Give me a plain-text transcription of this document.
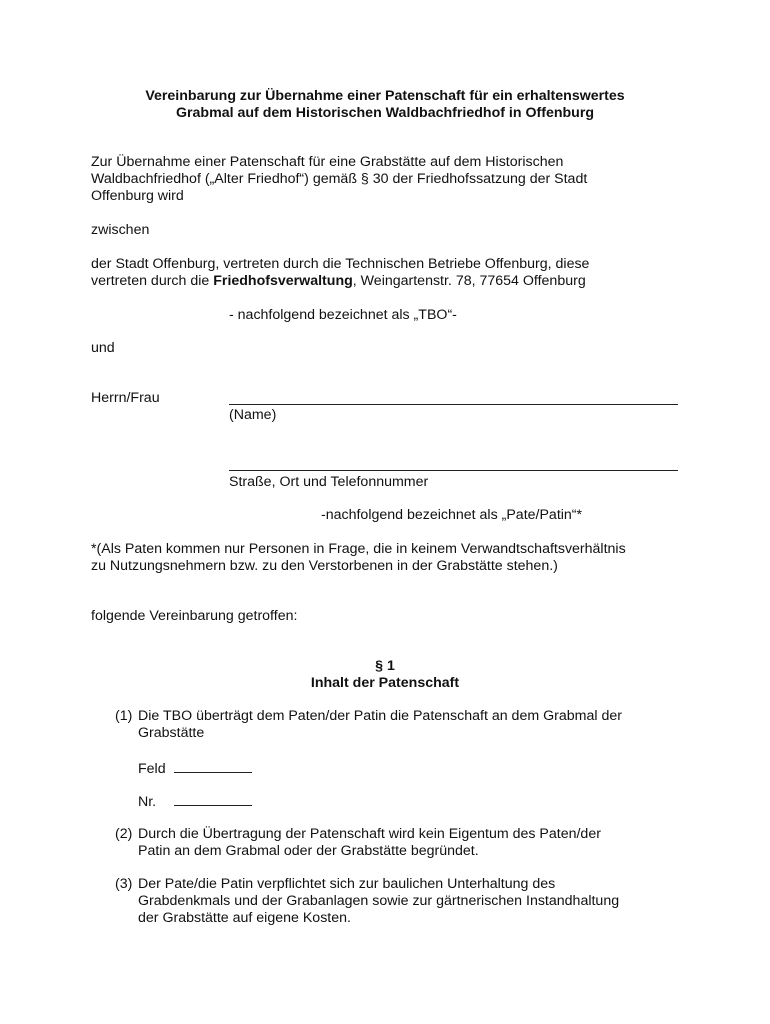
Vereinbarung zur Übernahme einer Patenschaft für ein erhaltenswertes
Grabmal auf dem Historischen Waldbachfriedhof in Offenburg
Zur Übernahme einer Patenschaft für eine Grabstätte auf dem Historischen
Waldbachfriedhof („Alter Friedhof“) gemäß § 30 der Friedhofssatzung der Stadt
Offenburg wird
zwischen
der Stadt Offenburg, vertreten durch die Technischen Betriebe Offenburg, diese
vertreten durch die Friedhofsverwaltung, Weingartenstr. 78, 77654 Offenburg
- nachfolgend bezeichnet als „TBO“-
und
Herrn/Frau
(Name)
Straße, Ort und Telefonnummer
-nachfolgend bezeichnet als „Pate/Patin“*
*(Als Paten kommen nur Personen in Frage, die in keinem Verwandtschaftsverhältnis
zu Nutzungsnehmern bzw. zu den Verstorbenen in der Grabstätte stehen.)
folgende Vereinbarung getroffen:
§ 1
Inhalt der Patenschaft
(1) Die TBO überträgt dem Paten/der Patin die Patenschaft an dem Grabmal der
Grabstätte
Feld
Nr.
(2) Durch die Übertragung der Patenschaft wird kein Eigentum des Paten/der
Patin an dem Grabmal oder der Grabstätte begründet.
(3) Der Pate/die Patin verpflichtet sich zur baulichen Unterhaltung des
Grabdenkmals und der Grabanlagen sowie zur gärtnerischen Instandhaltung
der Grabstätte auf eigene Kosten.
